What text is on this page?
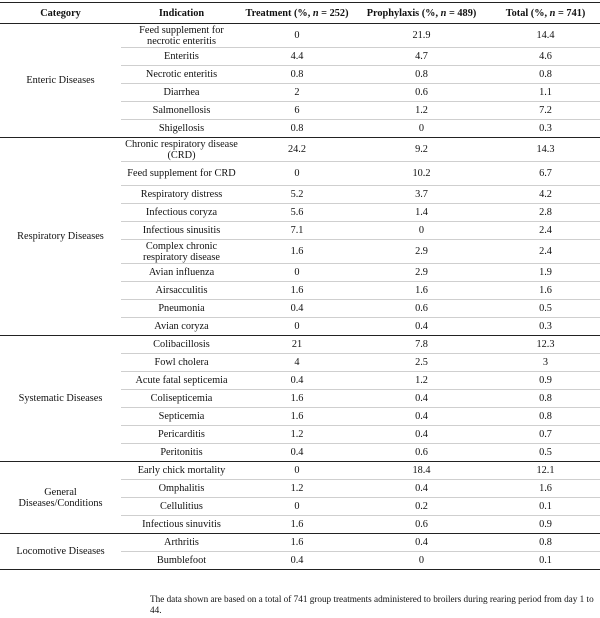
Category	Indication	Treatment (%, n = 252)	Prophylaxis (%, n = 489)	Total (%, n = 741)
Enteric Diseases	Feed supplement for necrotic enteritis	0	21.9	14.4
	Enteritis	4.4	4.7	4.6
	Necrotic enteritis	0.8	0.8	0.8
	Diarrhea	2	0.6	1.1
	Salmonellosis	6	1.2	7.2
	Shigellosis	0.8	0	0.3
Respiratory Diseases	Chronic respiratory disease (CRD)	24.2	9.2	14.3
	Feed supplement for CRD	0	10.2	6.7
	Respiratory distress	5.2	3.7	4.2
	Infectious coryza	5.6	1.4	2.8
	Infectious sinusitis	7.1	0	2.4
	Complex chronic respiratory disease	1.6	2.9	2.4
	Avian influenza	0	2.9	1.9
	Airsacculitis	1.6	1.6	1.6
	Pneumonia	0.4	0.6	0.5
	Avian coryza	0	0.4	0.3
Systematic Diseases	Colibacillosis	21	7.8	12.3
	Fowl cholera	4	2.5	3
	Acute fatal septicemia	0.4	1.2	0.9
	Colisepticemia	1.6	0.4	0.8
	Septicemia	1.6	0.4	0.8
	Pericarditis	1.2	0.4	0.7
	Peritonitis	0.4	0.6	0.5
General Diseases/Conditions	Early chick mortality	0	18.4	12.1
	Omphalitis	1.2	0.4	1.6
	Cellulitius	0	0.2	0.1
	Infectious sinuvitis	1.6	0.6	0.9
Locomotive Diseases	Arthritis	1.6	0.4	0.8
	Bumblefoot	0.4	0	0.1
The data shown are based on a total of 741 group treatments administered to broilers during rearing period from day 1 to 44.
